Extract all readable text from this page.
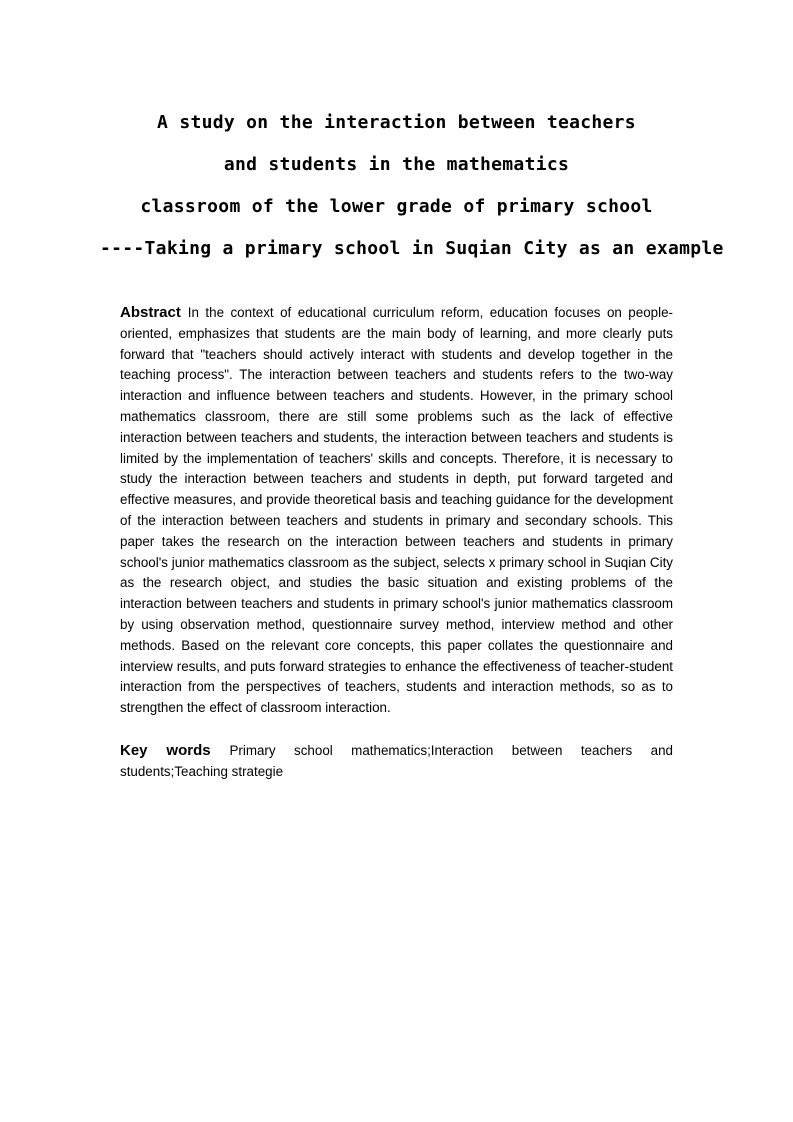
A study on the interaction between teachers
and students in the mathematics
classroom of the lower grade of primary school
----Taking a primary school in Suqian City as an example
Abstract In the context of educational curriculum reform, education focuses on people-oriented, emphasizes that students are the main body of learning, and more clearly puts forward that "teachers should actively interact with students and develop together in the teaching process". The interaction between teachers and students refers to the two-way interaction and influence between teachers and students. However, in the primary school mathematics classroom, there are still some problems such as the lack of effective interaction between teachers and students, the interaction between teachers and students is limited by the implementation of teachers' skills and concepts. Therefore, it is necessary to study the interaction between teachers and students in depth, put forward targeted and effective measures, and provide theoretical basis and teaching guidance for the development of the interaction between teachers and students in primary and secondary schools. This paper takes the research on the interaction between teachers and students in primary school's junior mathematics classroom as the subject, selects x primary school in Suqian City as the research object, and studies the basic situation and existing problems of the interaction between teachers and students in primary school's junior mathematics classroom by using observation method, questionnaire survey method, interview method and other methods. Based on the relevant core concepts, this paper collates the questionnaire and interview results, and puts forward strategies to enhance the effectiveness of teacher-student interaction from the perspectives of teachers, students and interaction methods, so as to strengthen the effect of classroom interaction.
Key words Primary school mathematics;Interaction between teachers and students;Teaching strategie
